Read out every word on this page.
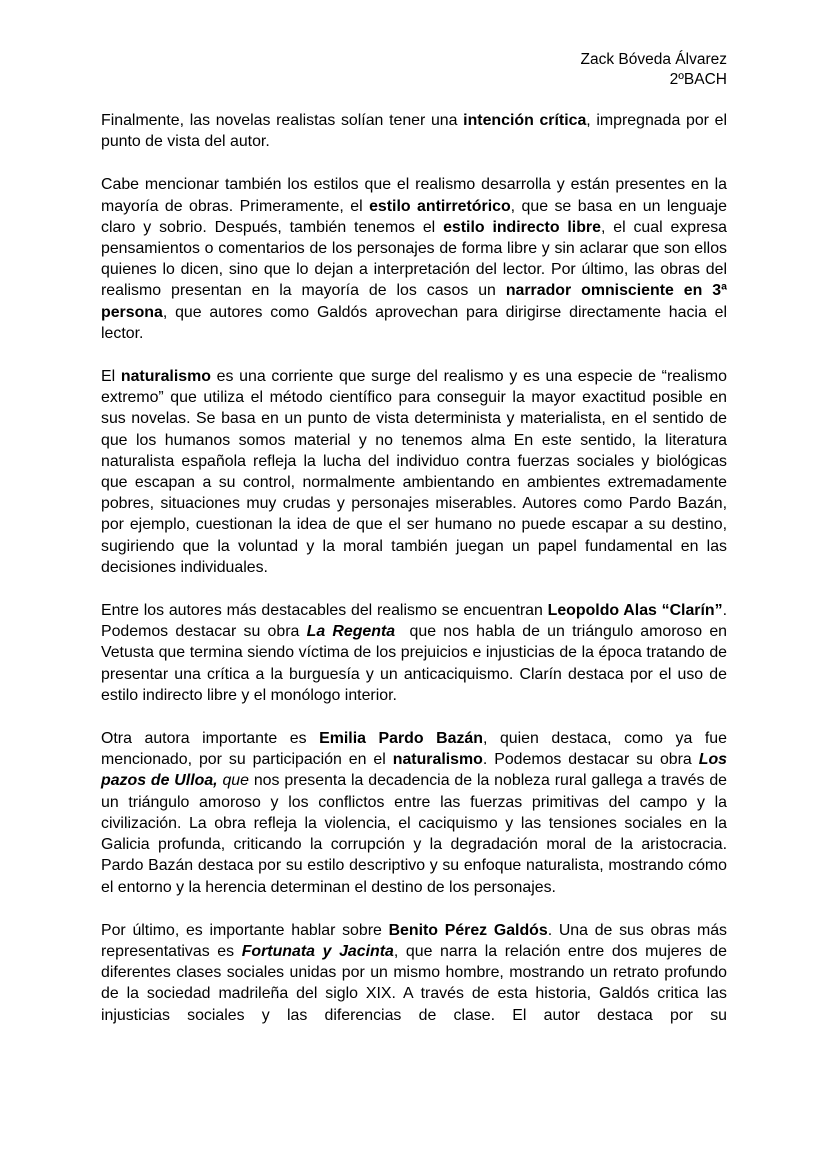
Zack Bóveda Álvarez
2ºBACH

Finalmente, las novelas realistas solían tener una intención crítica, impregnada por el punto de vista del autor.

Cabe mencionar también los estilos que el realismo desarrolla y están presentes en la mayoría de obras. Primeramente, el estilo antirretórico, que se basa en un lenguaje claro y sobrio. Después, también tenemos el estilo indirecto libre, el cual expresa pensamientos o comentarios de los personajes de forma libre y sin aclarar que son ellos quienes lo dicen, sino que lo dejan a interpretación del lector. Por último, las obras del realismo presentan en la mayoría de los casos un narrador omnisciente en 3ª persona, que autores como Galdós aprovechan para dirigirse directamente hacia el lector.

El naturalismo es una corriente que surge del realismo y es una especie de “realismo extremo” que utiliza el método científico para conseguir la mayor exactitud posible en sus novelas. Se basa en un punto de vista determinista y materialista, en el sentido de que los humanos somos material y no tenemos alma En este sentido, la literatura naturalista española refleja la lucha del individuo contra fuerzas sociales y biológicas que escapan a su control, normalmente ambientando en ambientes extremadamente pobres, situaciones muy crudas y personajes miserables. Autores como Pardo Bazán, por ejemplo, cuestionan la idea de que el ser humano no puede escapar a su destino, sugiriendo que la voluntad y la moral también juegan un papel fundamental en las decisiones individuales.

Entre los autores más destacables del realismo se encuentran Leopoldo Alas “Clarín”. Podemos destacar su obra La Regenta  que nos habla de un triángulo amoroso en Vetusta que termina siendo víctima de los prejuicios e injusticias de la época tratando de presentar una crítica a la burguesía y un anticaciquismo. Clarín destaca por el uso de estilo indirecto libre y el monólogo interior.

Otra autora importante es Emilia Pardo Bazán, quien destaca, como ya fue mencionado, por su participación en el naturalismo. Podemos destacar su obra Los pazos de Ulloa, que nos presenta la decadencia de la nobleza rural gallega a través de un triángulo amoroso y los conflictos entre las fuerzas primitivas del campo y la civilización. La obra refleja la violencia, el caciquismo y las tensiones sociales en la Galicia profunda, criticando la corrupción y la degradación moral de la aristocracia. Pardo Bazán destaca por su estilo descriptivo y su enfoque naturalista, mostrando cómo el entorno y la herencia determinan el destino de los personajes.

Por último, es importante hablar sobre Benito Pérez Galdós. Una de sus obras más representativas es Fortunata y Jacinta, que narra la relación entre dos mujeres de diferentes clases sociales unidas por un mismo hombre, mostrando un retrato profundo de la sociedad madrileña del siglo XIX. A través de esta historia, Galdós critica las injusticias sociales y las diferencias de clase. El autor destaca por su
